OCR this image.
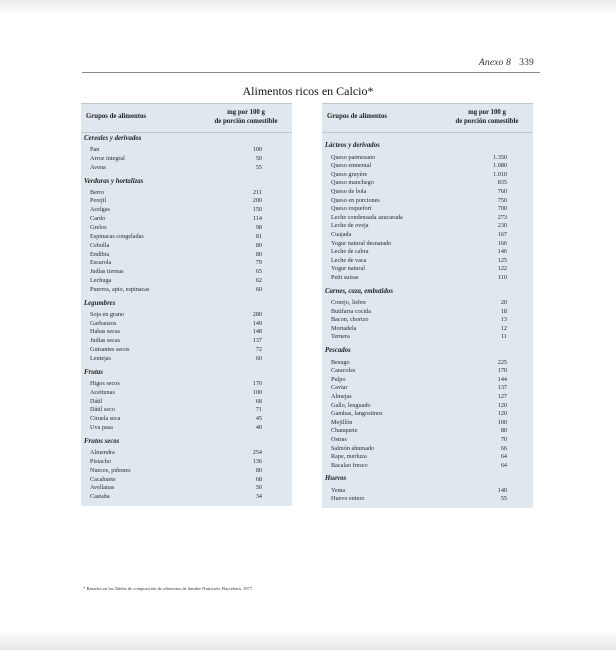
Anexo 8 339
Alimentos ricos en Calcio*
Grupos de alimentos
mg por 100 g
de porción comestible
Cereales y derivados
Pan	100
Arroz integral	50
Avena	55
Verduras y hortalizas
Berro	211
Perejil	200
Acelgas	150
Cardo	114
Grelos	98
Espinacas congeladas	81
Cebolla	80
Endibia	80
Escarola	79
Judías tiernas	65
Lechuga	62
Puerros, apio, espinacas	60
Legumbres
Soja en grano	280
Garbanzos	149
Habas secas	148
Judías secas	137
Guisantes secos	72
Lentejas	60
Frutas
Higos secos	170
Aceitunas	100
Dátil	68
Dátil seco	71
Ciruela seca	45
Uva pasa	40
Frutos secos
Almendra	254
Pistacho	136
Nueces, piñones	80
Cacahuete	68
Avellanas	50
Castaña	34
Grupos de alimentos
mg por 100 g
de porción comestible
Lácteos y derivados
Queso parmesano	1.350
Queso enmental	1.080
Queso gruyère	1.010
Queso manchego	835
Queso de bola	760
Queso en porciones	750
Queso roquefort	700
Leche condensada azucarada	273
Leche de oveja	230
Cuajada	167
Yogur natural desnatado	166
Leche de cabra	146
Leche de vaca	125
Yogur natural	122
Petit suisse	110
Carnes, caza, embutidos
Conejo, liebre	20
Butifarra cocida	18
Bacon, chorizo	13
Mortadela	12
Ternera	11
Pescados
Besugo	225
Caracoles	170
Pulpo	144
Caviar	137
Almejas	127
Gallo, lenguado	120
Gambas, langostinos	120
Mejillón	100
Chanquete	80
Ostras	70
Salmón ahumado	66
Rape, merluza	64
Bacalao fresco	64
Huevos
Yema	140
Huevo entero	55
* Basados en las Tablas de composición de alimentos de Sandez Nutrición. Barcelona, 1977.
